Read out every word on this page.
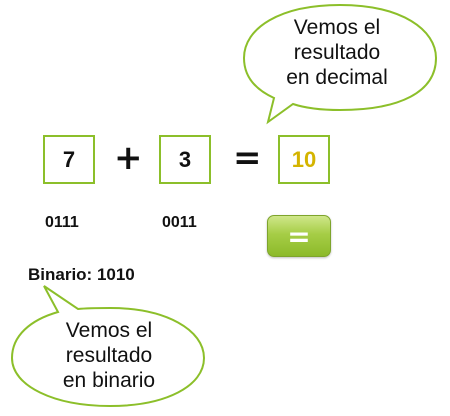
Vemos el
resultado
en decimal
Vemos el
resultado
en binario
7	+	3	=	10
0111	0011	=
Binario: 1010
